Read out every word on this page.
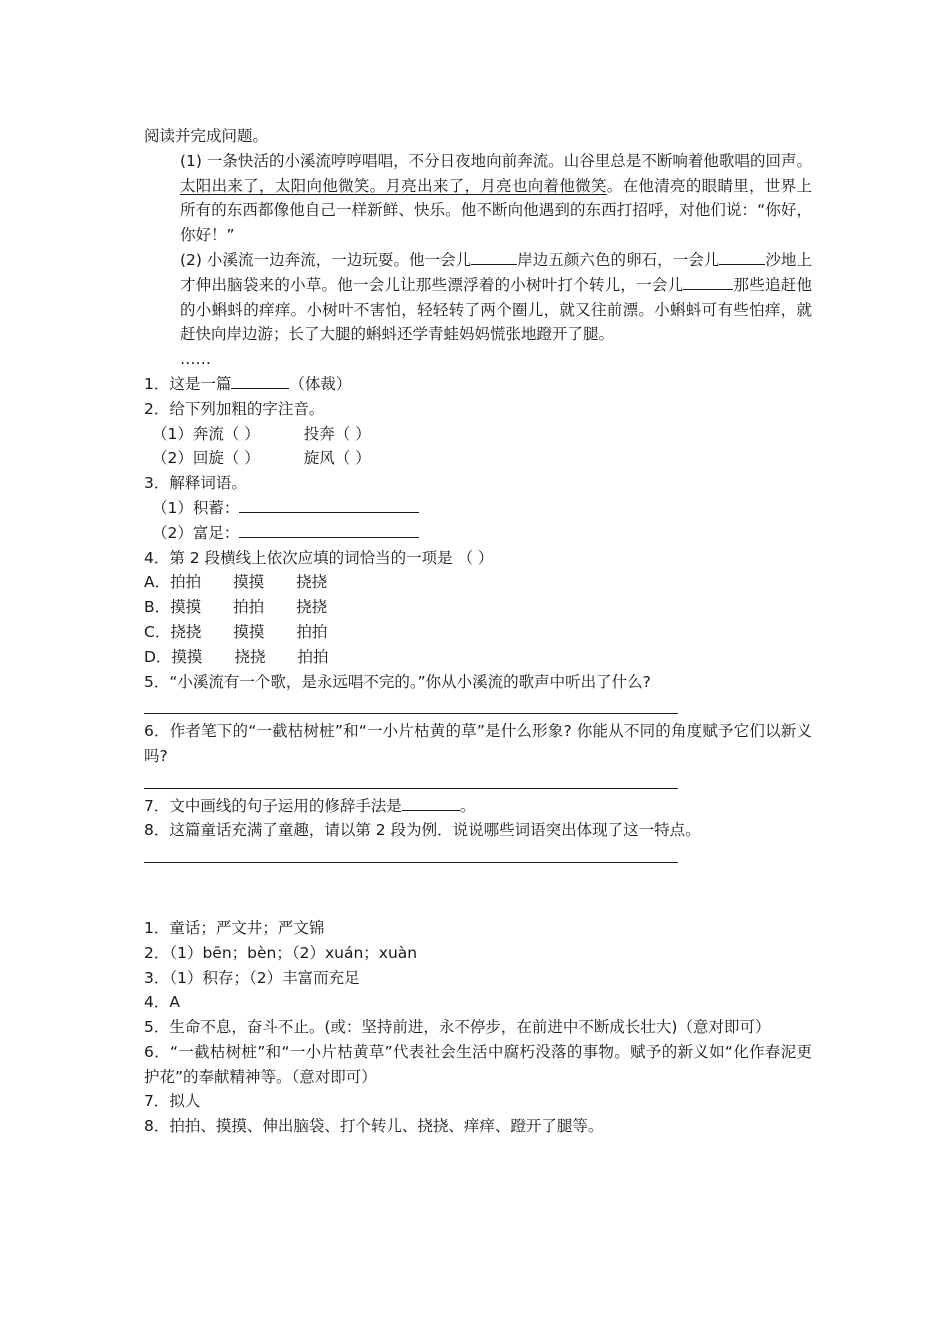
阅读并完成问题。
(1) 一条快活的小溪流哼哼唱唱，不分日夜地向前奔流。山谷里总是不断响着他歌唱的回声。太阳出来了，太阳向他微笑。月亮出来了，月亮也向着他微笑。在他清亮的眼睛里，世界上所有的东西都像他自己一样新鲜、快乐。他不断向他遇到的东西打招呼，对他们说：“你好，你好！”
(2) 小溪流一边奔流，一边玩耍。他一会儿	岸边五颜六色的卵石，一会儿	沙地上才伸出脑袋来的小草。他一会儿让那些漂浮着的小树叶打个转儿，一会儿	那些追赶他的小蝌蚪的痒痒。小树叶不害怕，轻轻转了两个圈儿，就又往前漂。小蝌蚪可有些怕痒，就赶快向岸边游；长了大腿的蝌蚪还学青蛙妈妈慌张地蹬开了腿。
……
1．这是一篇	（体裁）
2．给下列加粗的字注音。
（1）奔流（ ）	投奔（ ）
（2）回旋（ ）	旋风（ ）
3．解释词语。
（1）积蓄：
（2）富足：
4．第 2 段横线上依次应填的词恰当的一项是 （ ）
A．拍拍 摸摸 挠挠
B．摸摸 拍拍 挠挠
C．挠挠 摸摸 拍拍
D．摸摸 挠挠 拍拍
5．“小溪流有一个歌，是永远唱不完的。”你从小溪流的歌声中听出了什么?
6．作者笔下的“一截枯树桩”和“一小片枯黄的草”是什么形象? 你能从不同的角度赋予它们以新义吗?
7．文中画线的句子运用的修辞手法是	。
8．这篇童话充满了童趣，请以第 2 段为例．说说哪些词语突出体现了这一特点。
1．童话；严文井；严文锦
2．（1）bēn；bèn；（2）xuán；xuàn
3．（1）积存；（2）丰富而充足
4．A
5．生命不息，奋斗不止。(或：坚持前进，永不停步，在前进中不断成长壮大)（意对即可）
6．“一截枯树桩”和“一小片枯黄草”代表社会生活中腐朽没落的事物。赋予的新义如“化作春泥更护花”的奉献精神等。（意对即可）
7．拟人
8．拍拍、摸摸、伸出脑袋、打个转儿、挠挠、痒痒、蹬开了腿等。
